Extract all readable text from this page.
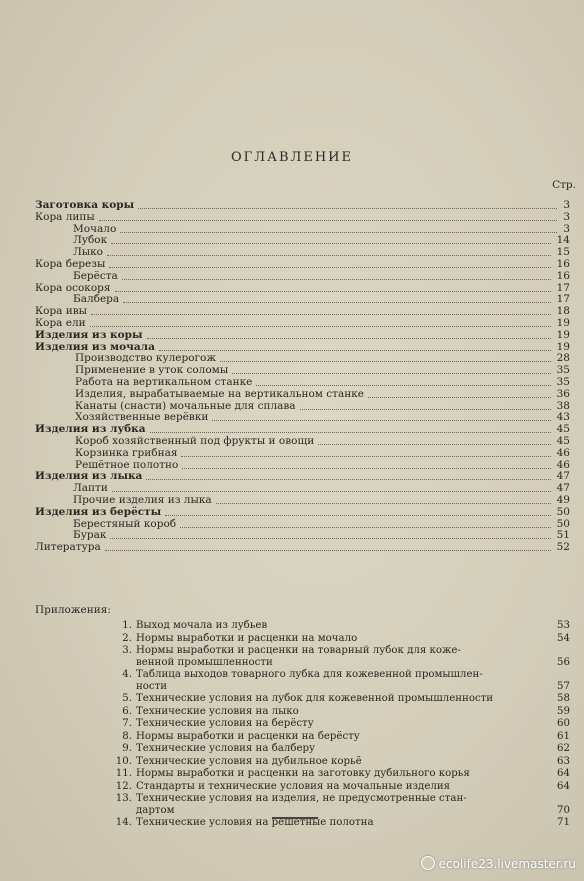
ОГЛАВЛЕНИЕ
Стр.
Заготовка коры	3
Кора липы	3
Мочало	3
Лубок	14
Лыко	15
Кора березы	16
Берёста	16
Кора осокоря	17
Балбера	17
Кора ивы	18
Кора ели	19
Изделия из коры	19
Изделия из мочала	19
Производство кулерогож	28
Применение в уток соломы	35
Работа на вертикальном станке	35
Изделия, вырабатываемые на вертикальном станке	36
Канаты (снасти) мочальные для сплава	38
Хозяйственные верёвки	43
Изделия из лубка	45
Короб хозяйственный под фрукты и овощи	45
Корзинка грибная	46
Решётное полотно	46
Изделия из лыка	47
Лапти	47
Прочие изделия из лыка	49
Изделия из берёсты	50
Берестяный короб	50
Бурак	51
Литература	52
Приложения:
1. Выход мочала из лубьев	53
2. Нормы выработки и расценки на мочало	54
3. Нормы выработки и расценки на товарный лубок для коже-
венной промышленности	56
4. Таблица выходов товарного лубка для кожевенной промышлен-
ности	57
5. Технические условия на лубок для кожевенной промышленности	58
6. Технические условия на лыко	59
7. Технические условия на берёсту	60
8. Нормы выработки и расценки на берёсту	61
9. Технические условия на балберу	62
10. Технические условия на дубильное корьё	63
11. Нормы выработки и расценки на заготовку дубильного корья	64
12. Стандарты и технические условия на мочальные изделия	64
13. Технические условия на изделия, не предусмотренные стан-
дартом	70
14. Технические условия на решётные полотна	71
ecolife23.livemaster.ru
